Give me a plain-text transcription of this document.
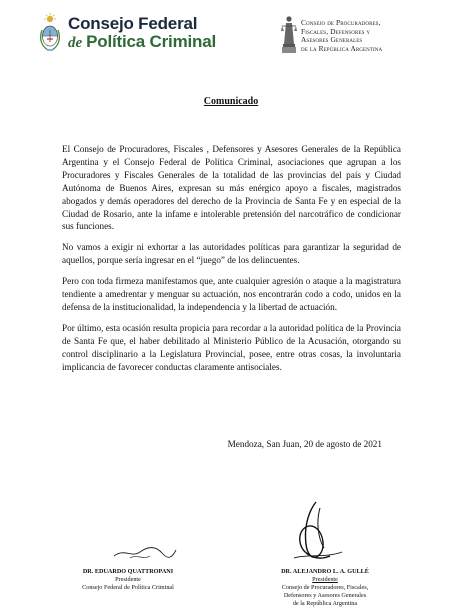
Consejo Federal
de Política Criminal
Consejo de Procuradores,
Fiscales, Defensores y
Asesores Generales
de la República Argentina
Comunicado

El Consejo de Procuradores, Fiscales , Defensores y Asesores Generales de la República Argentina y el Consejo Federal de Política Criminal, asociaciones que agrupan a los Procuradores y Fiscales Generales de la totalidad de las provincias del país y Ciudad Autónoma de Buenos Aires, expresan su más enérgico apoyo a fiscales, magistrados abogados y demás operadores del derecho de la Provincia de Santa Fe y en especial de la Ciudad de Rosario, ante la infame e intolerable pretensión del narcotráfico de condicionar sus funciones.

No vamos a exigir ni exhortar a las autoridades políticas para garantizar la seguridad de aquellos, porque sería ingresar en el “juego” de los delincuentes.

Pero con toda firmeza manifestamos que, ante cualquier agresión o ataque a la magistratura tendiente a amedrentar y menguar su actuación, nos encontrarán codo a codo, unidos en la defensa de la institucionalidad, la independencia y la libertad de actuación.

Por último, esta ocasión resulta propicia para recordar a la autoridad política de la Provincia de Santa Fe que, el haber debilitado al Ministerio Público de la Acusación, otorgando su control disciplinario a la Legislatura Provincial, posee, entre otras cosas, la involuntaria implicancia de favorecer conductas claramente antisociales.

Mendoza, San Juan, 20 de agosto de 2021
DR. EDUARDO QUATTROPANI
Presidente
Consejo Federal de Política Criminal
DR. ALEJANDRO L. A. GULLÉ
Presidente
Consejo de Procuradores, Fiscales,
Defensores y Asesores Generales
de la República Argentina
